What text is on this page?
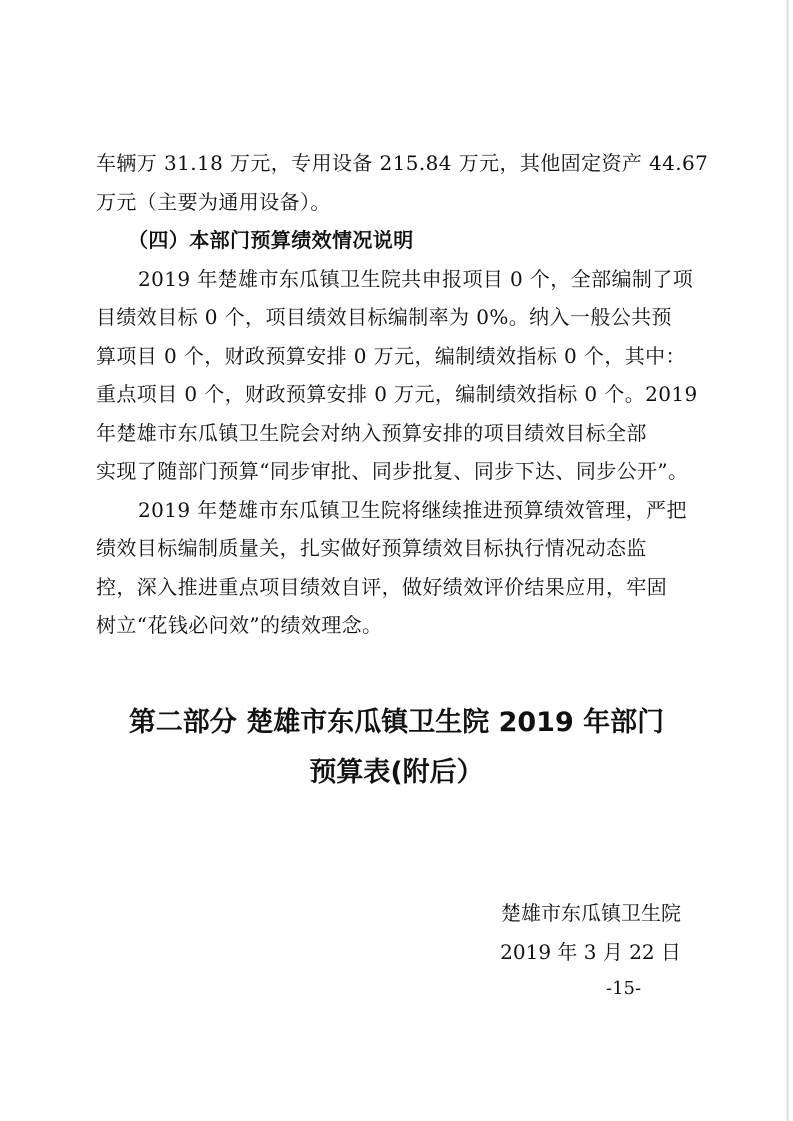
车辆万 31.18 万元，专用设备 215.84 万元，其他固定资产 44.67
万元（主要为通用设备）。
（四）本部门预算绩效情况说明
2019 年楚雄市东瓜镇卫生院共申报项目 0 个，全部编制了项
目绩效目标 0 个，项目绩效目标编制率为 0%。纳入一般公共预
算项目 0 个，财政预算安排 0 万元，编制绩效指标 0 个，其中：
重点项目 0 个，财政预算安排 0 万元，编制绩效指标 0 个。2019
年楚雄市东瓜镇卫生院会对纳入预算安排的项目绩效目标全部
实现了随部门预算“同步审批、同步批复、同步下达、同步公开”。
2019 年楚雄市东瓜镇卫生院将继续推进预算绩效管理，严把
绩效目标编制质量关，扎实做好预算绩效目标执行情况动态监
控，深入推进重点项目绩效自评，做好绩效评价结果应用，牢固
树立“花钱必问效”的绩效理念。
第二部分 楚雄市东瓜镇卫生院 2019 年部门
预算表(附后）
楚雄市东瓜镇卫生院
2019 年 3 月 22 日
-15-
